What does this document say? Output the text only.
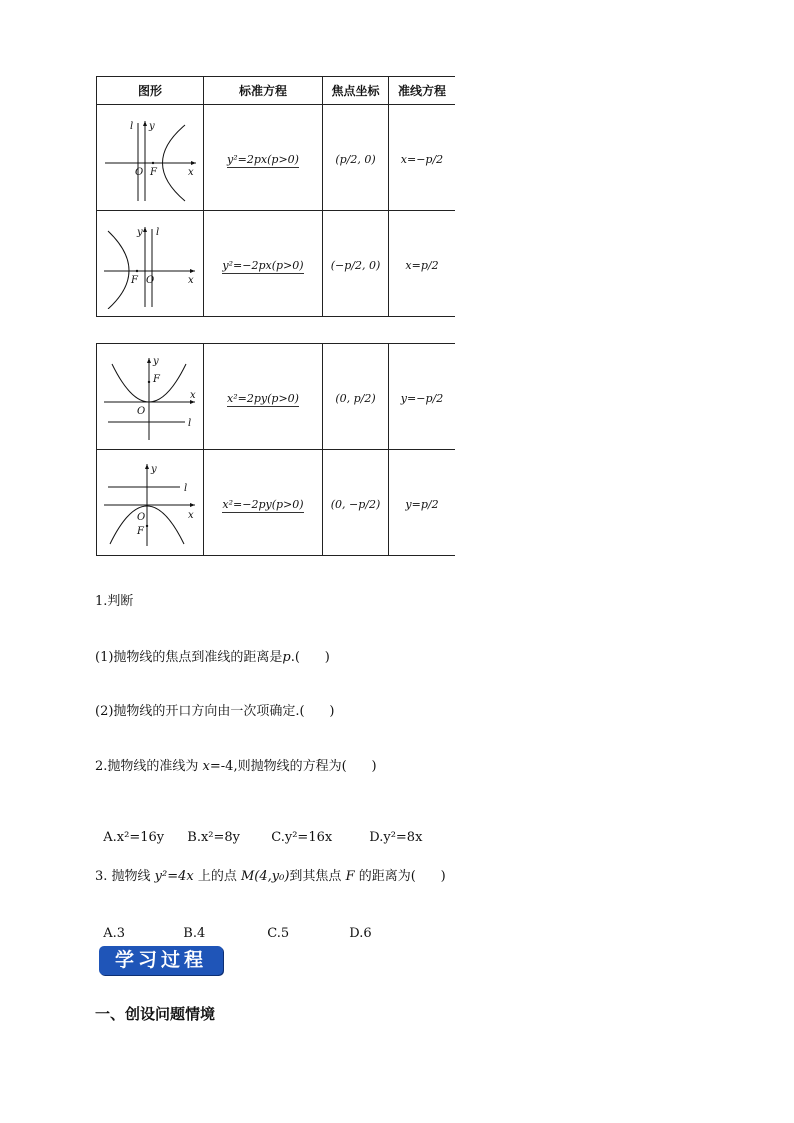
图形	标准方程	焦点坐标	准线方程

l y
O F x	y²=2px(p>0)	(p/2, 0)	x=−p/2

y l
F O x	y²=−2px(p>0)	(−p/2, 0)	x=p/2
y
F
x
O
l	x²=2py(p>0)	(0, p/2)	y=−p/2

y
l
x
O
F	x²=−2py(p>0)	(0, −p/2)	y=p/2
1.判断
(1)抛物线的焦点到准线的距离是p.(      )
(2)抛物线的开口方向由一次项确定.(      )
2.抛物线的准线为 x=-4,则抛物线的方程为(      )

A.x²=16y B.x²=8y C.y²=16x	D.y²=8x

3. 抛物线 y²=4x 上的点 M(4,y₀)到其焦点 F 的距离为(      )

A.3	B.4	C.5	D.6

学习过程
一、创设问题情境
